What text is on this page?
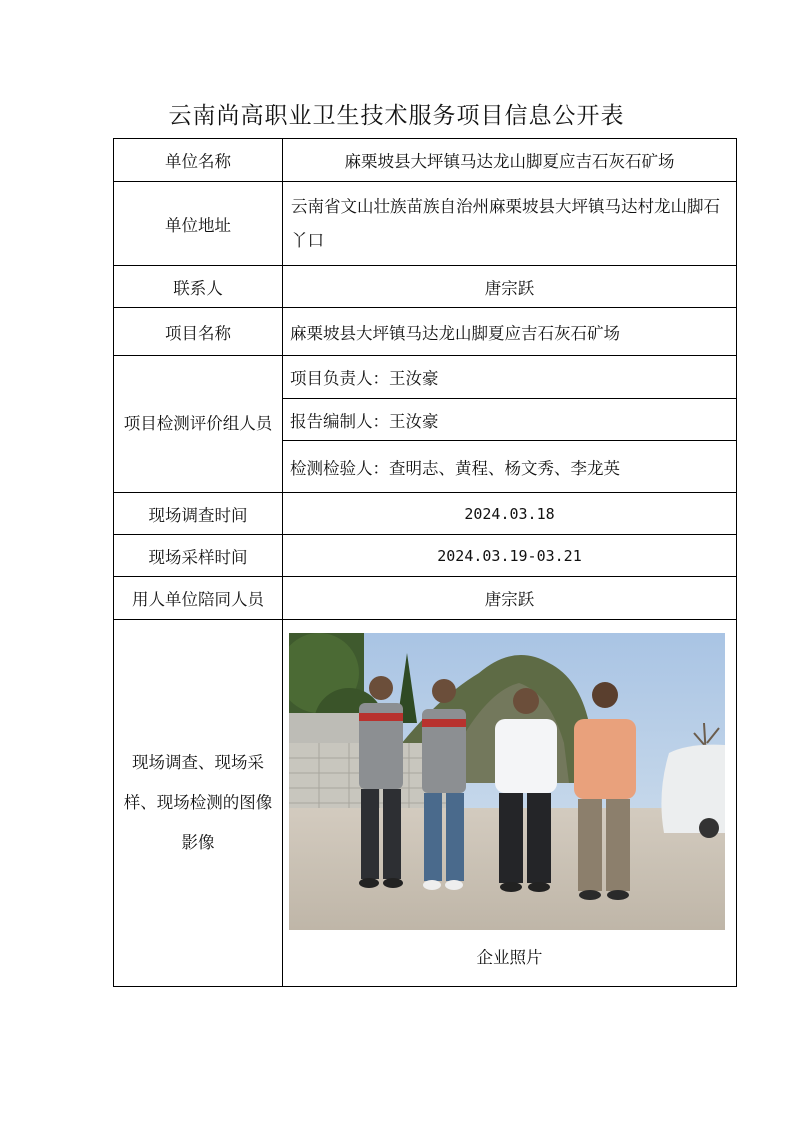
云南尚高职业卫生技术服务项目信息公开表
单位名称	麻栗坡县大坪镇马达龙山脚夏应吉石灰石矿场
单位地址	云南省文山壮族苗族自治州麻栗坡县大坪镇马达村龙山脚石丫口
联系人	唐宗跃
项目名称	麻栗坡县大坪镇马达龙山脚夏应吉石灰石矿场
项目检测评价组人员	项目负责人：王汝豪
	报告编制人：王汝豪
	检测检验人：查明志、黄程、杨文秀、李龙英
现场调查时间	2024.03.18
现场采样时间	2024.03.19-03.21
用人单位陪同人员	唐宗跃
现场调查、现场采样、现场检测的图像影像	企业照片
